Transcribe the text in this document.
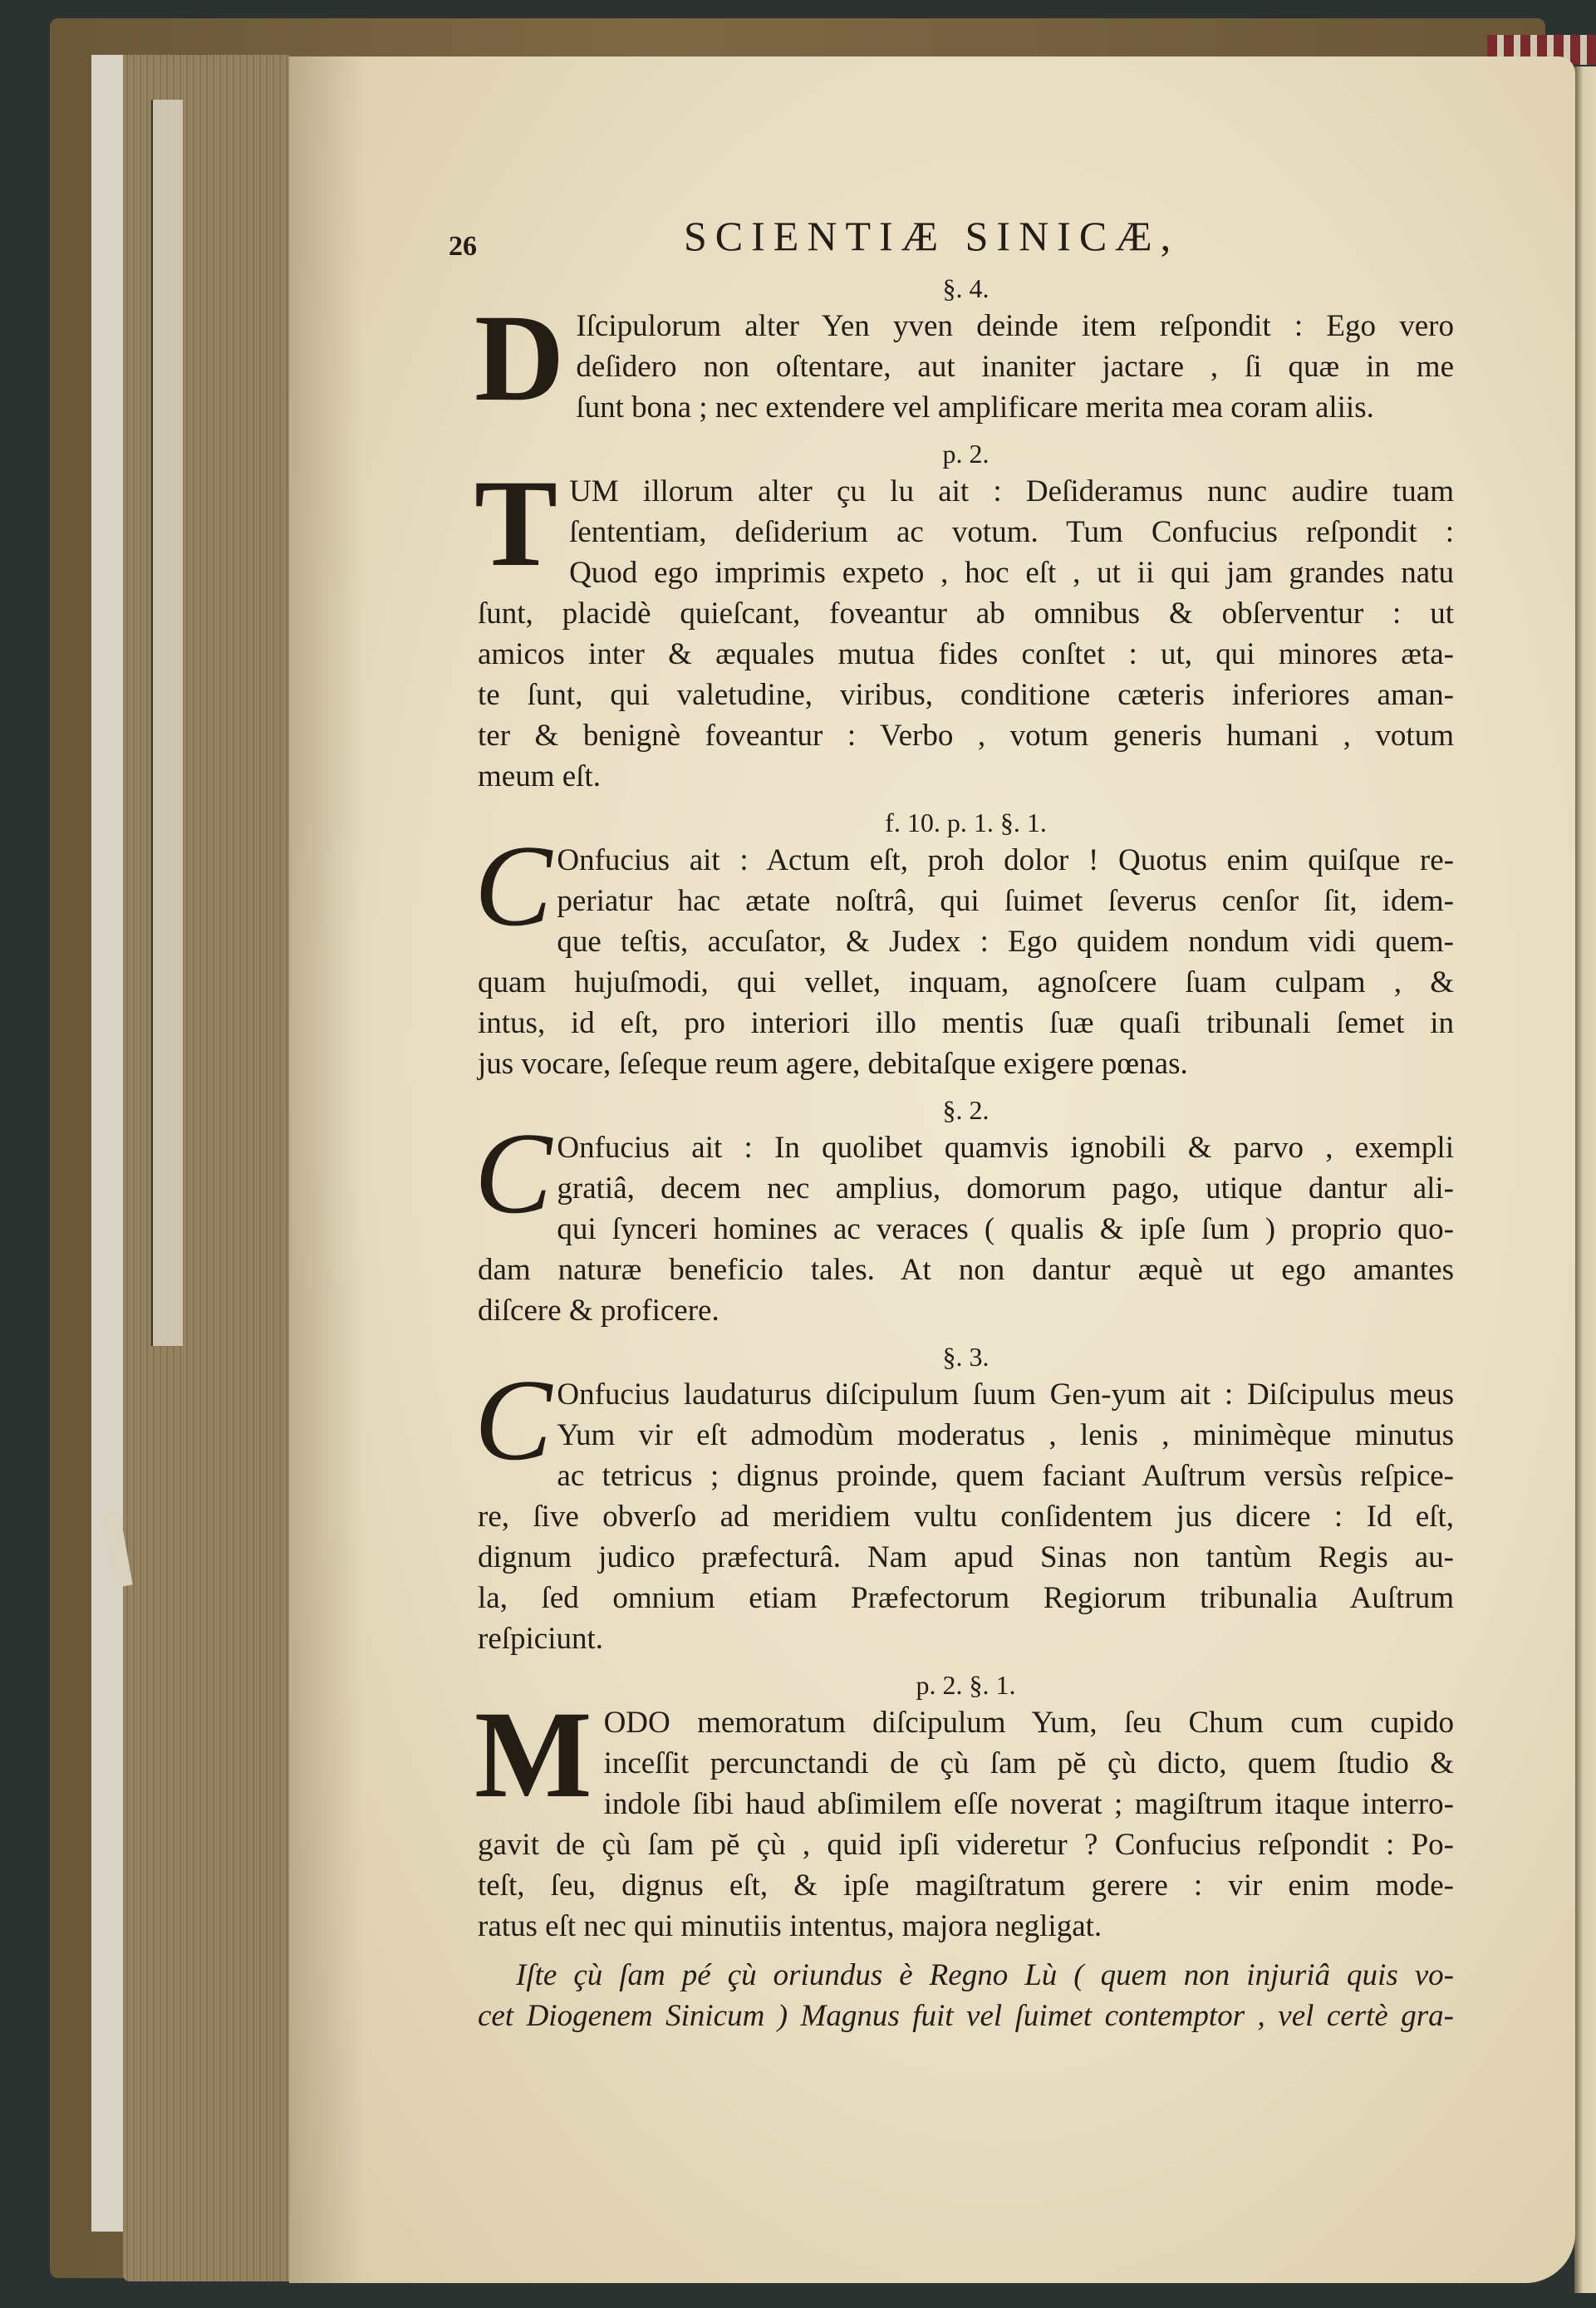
26	SCIENTIÆ SINICÆ,

§. 4.

D Iſcipulorum alter Yen yven deinde item reſpondit : Ego vero
deſidero non oſtentare, aut inaniter jactare , ſi quæ in me
ſunt bona ; nec extendere vel amplificare merita mea coram aliis.

p. 2.

T UM illorum alter çu lu ait : Deſideramus nunc audire tuam
ſententiam, deſiderium ac votum. Tum Confucius reſpondit :
Quod ego imprimis expeto , hoc eſt , ut ii qui jam grandes natu
ſunt, placidè quieſcant, foveantur ab omnibus & obſerventur : ut
amicos inter & æquales mutua fides conſtet : ut, qui minores æta-
te ſunt, qui valetudine, viribus, conditione cæteris inferiores aman-
ter & benignè foveantur : Verbo , votum generis humani , votum
meum eſt.

f. 10. p. 1. §. 1.

C Onfucius ait : Actum eſt, proh dolor ! Quotus enim quiſque re-
periatur hac ætate noſtrâ, qui ſuimet ſeverus cenſor ſit, idem-
que teſtis, accuſator, & Judex : Ego quidem nondum vidi quem-
quam hujuſmodi, qui vellet, inquam, agnoſcere ſuam culpam , &
intus, id eſt, pro interiori illo mentis ſuæ quaſi tribunali ſemet in
jus vocare, ſeſeque reum agere, debitaſque exigere pœnas.

§. 2.

C Onfucius ait : In quolibet quamvis ignobili & parvo , exempli
gratiâ, decem nec amplius, domorum pago, utique dantur ali-
qui ſynceri homines ac veraces ( qualis & ipſe ſum ) proprio quo-
dam naturæ beneficio tales. At non dantur æquè ut ego amantes
diſcere & proficere.

§. 3.

C Onfucius laudaturus diſcipulum ſuum Gen-yum ait : Diſcipulus meus
Yum vir eſt admodùm moderatus , lenis , minimèque minutus
ac tetricus ; dignus proinde, quem faciant Auſtrum versùs reſpice-
re, ſive obverſo ad meridiem vultu conſidentem jus dicere : Id eſt,
dignum judico præfecturâ. Nam apud Sinas non tantùm Regis au-
la, ſed omnium etiam Præfectorum Regiorum tribunalia Auſtrum
reſpiciunt.

p. 2. §. 1.

M ODO memoratum diſcipulum Yum, ſeu Chum cum cupido
inceſſit percunctandi de çù ſam pĕ çù dicto, quem ſtudio &
indole ſibi haud abſimilem eſſe noverat ; magiſtrum itaque interro-
gavit de çù ſam pĕ çù , quid ipſi videretur ? Confucius reſpondit : Po-
teſt, ſeu, dignus eſt, & ipſe magiſtratum gerere : vir enim mode-
ratus eſt nec qui minutiis intentus, majora negligat.
Iſte çù ſam pé çù oriundus è Regno Lù ( quem non injuriâ quis vo-
cet Diogenem Sinicum ) Magnus fuit vel ſuimet contemptor , vel certè gra-
